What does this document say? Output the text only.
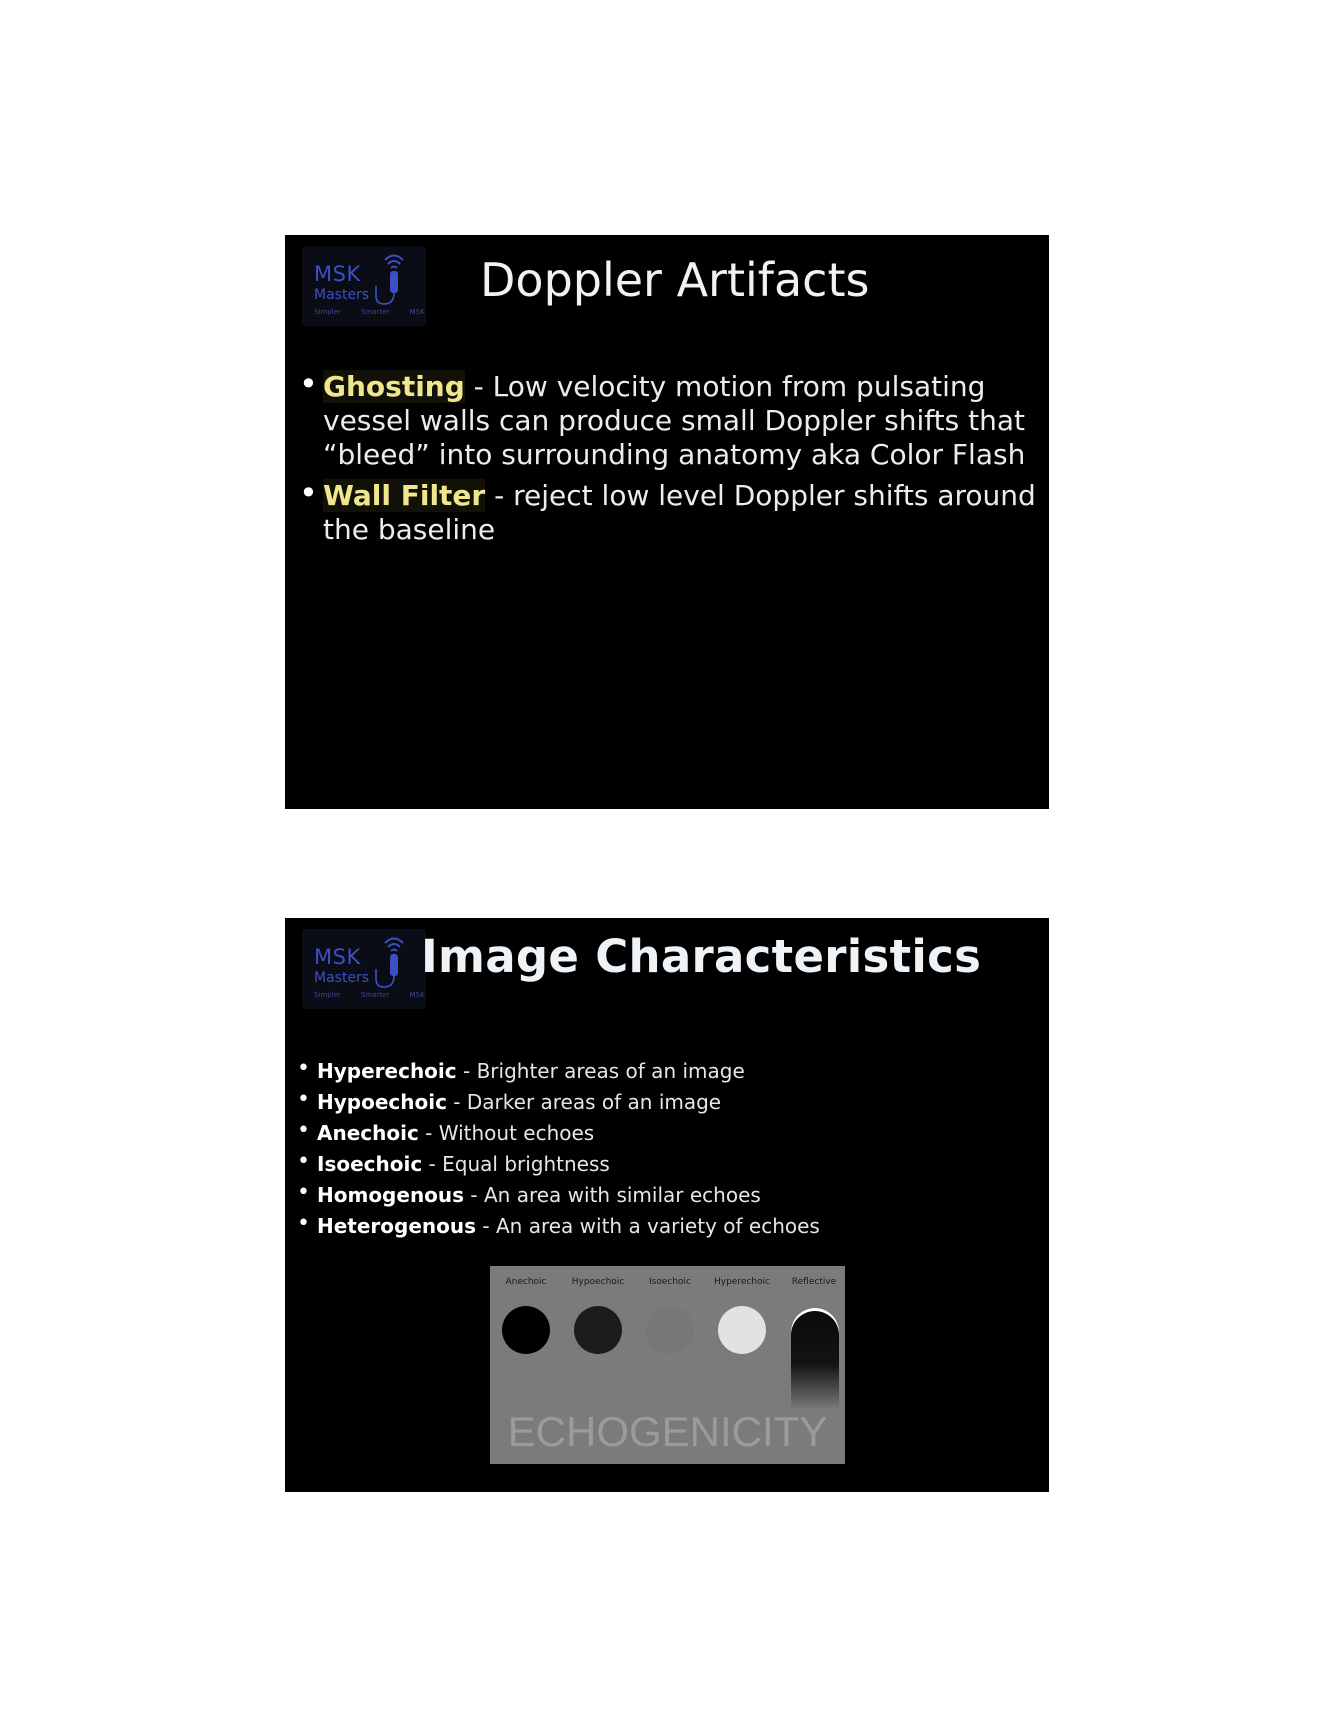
MSK
Masters
Simpler Smarter MSK
Doppler Artifacts
• Ghosting - Low velocity motion from pulsating vessel walls can produce small Doppler shifts that “bleed” into surrounding anatomy aka Color Flash
• Wall Filter - reject low level Doppler shifts around the baseline
MSK
Masters
Simpler Smarter MSK
Image Characteristics
• Hyperechoic - Brighter areas of an image
• Hypoechoic - Darker areas of an image
• Anechoic - Without echoes
• Isoechoic - Equal brightness
• Homogenous - An area with similar echoes
• Heterogenous - An area with a variety of echoes
Anechoic	Hypoechoic	Isoechoic	Hyperechoic	Reflective
ECHOGENICITY
